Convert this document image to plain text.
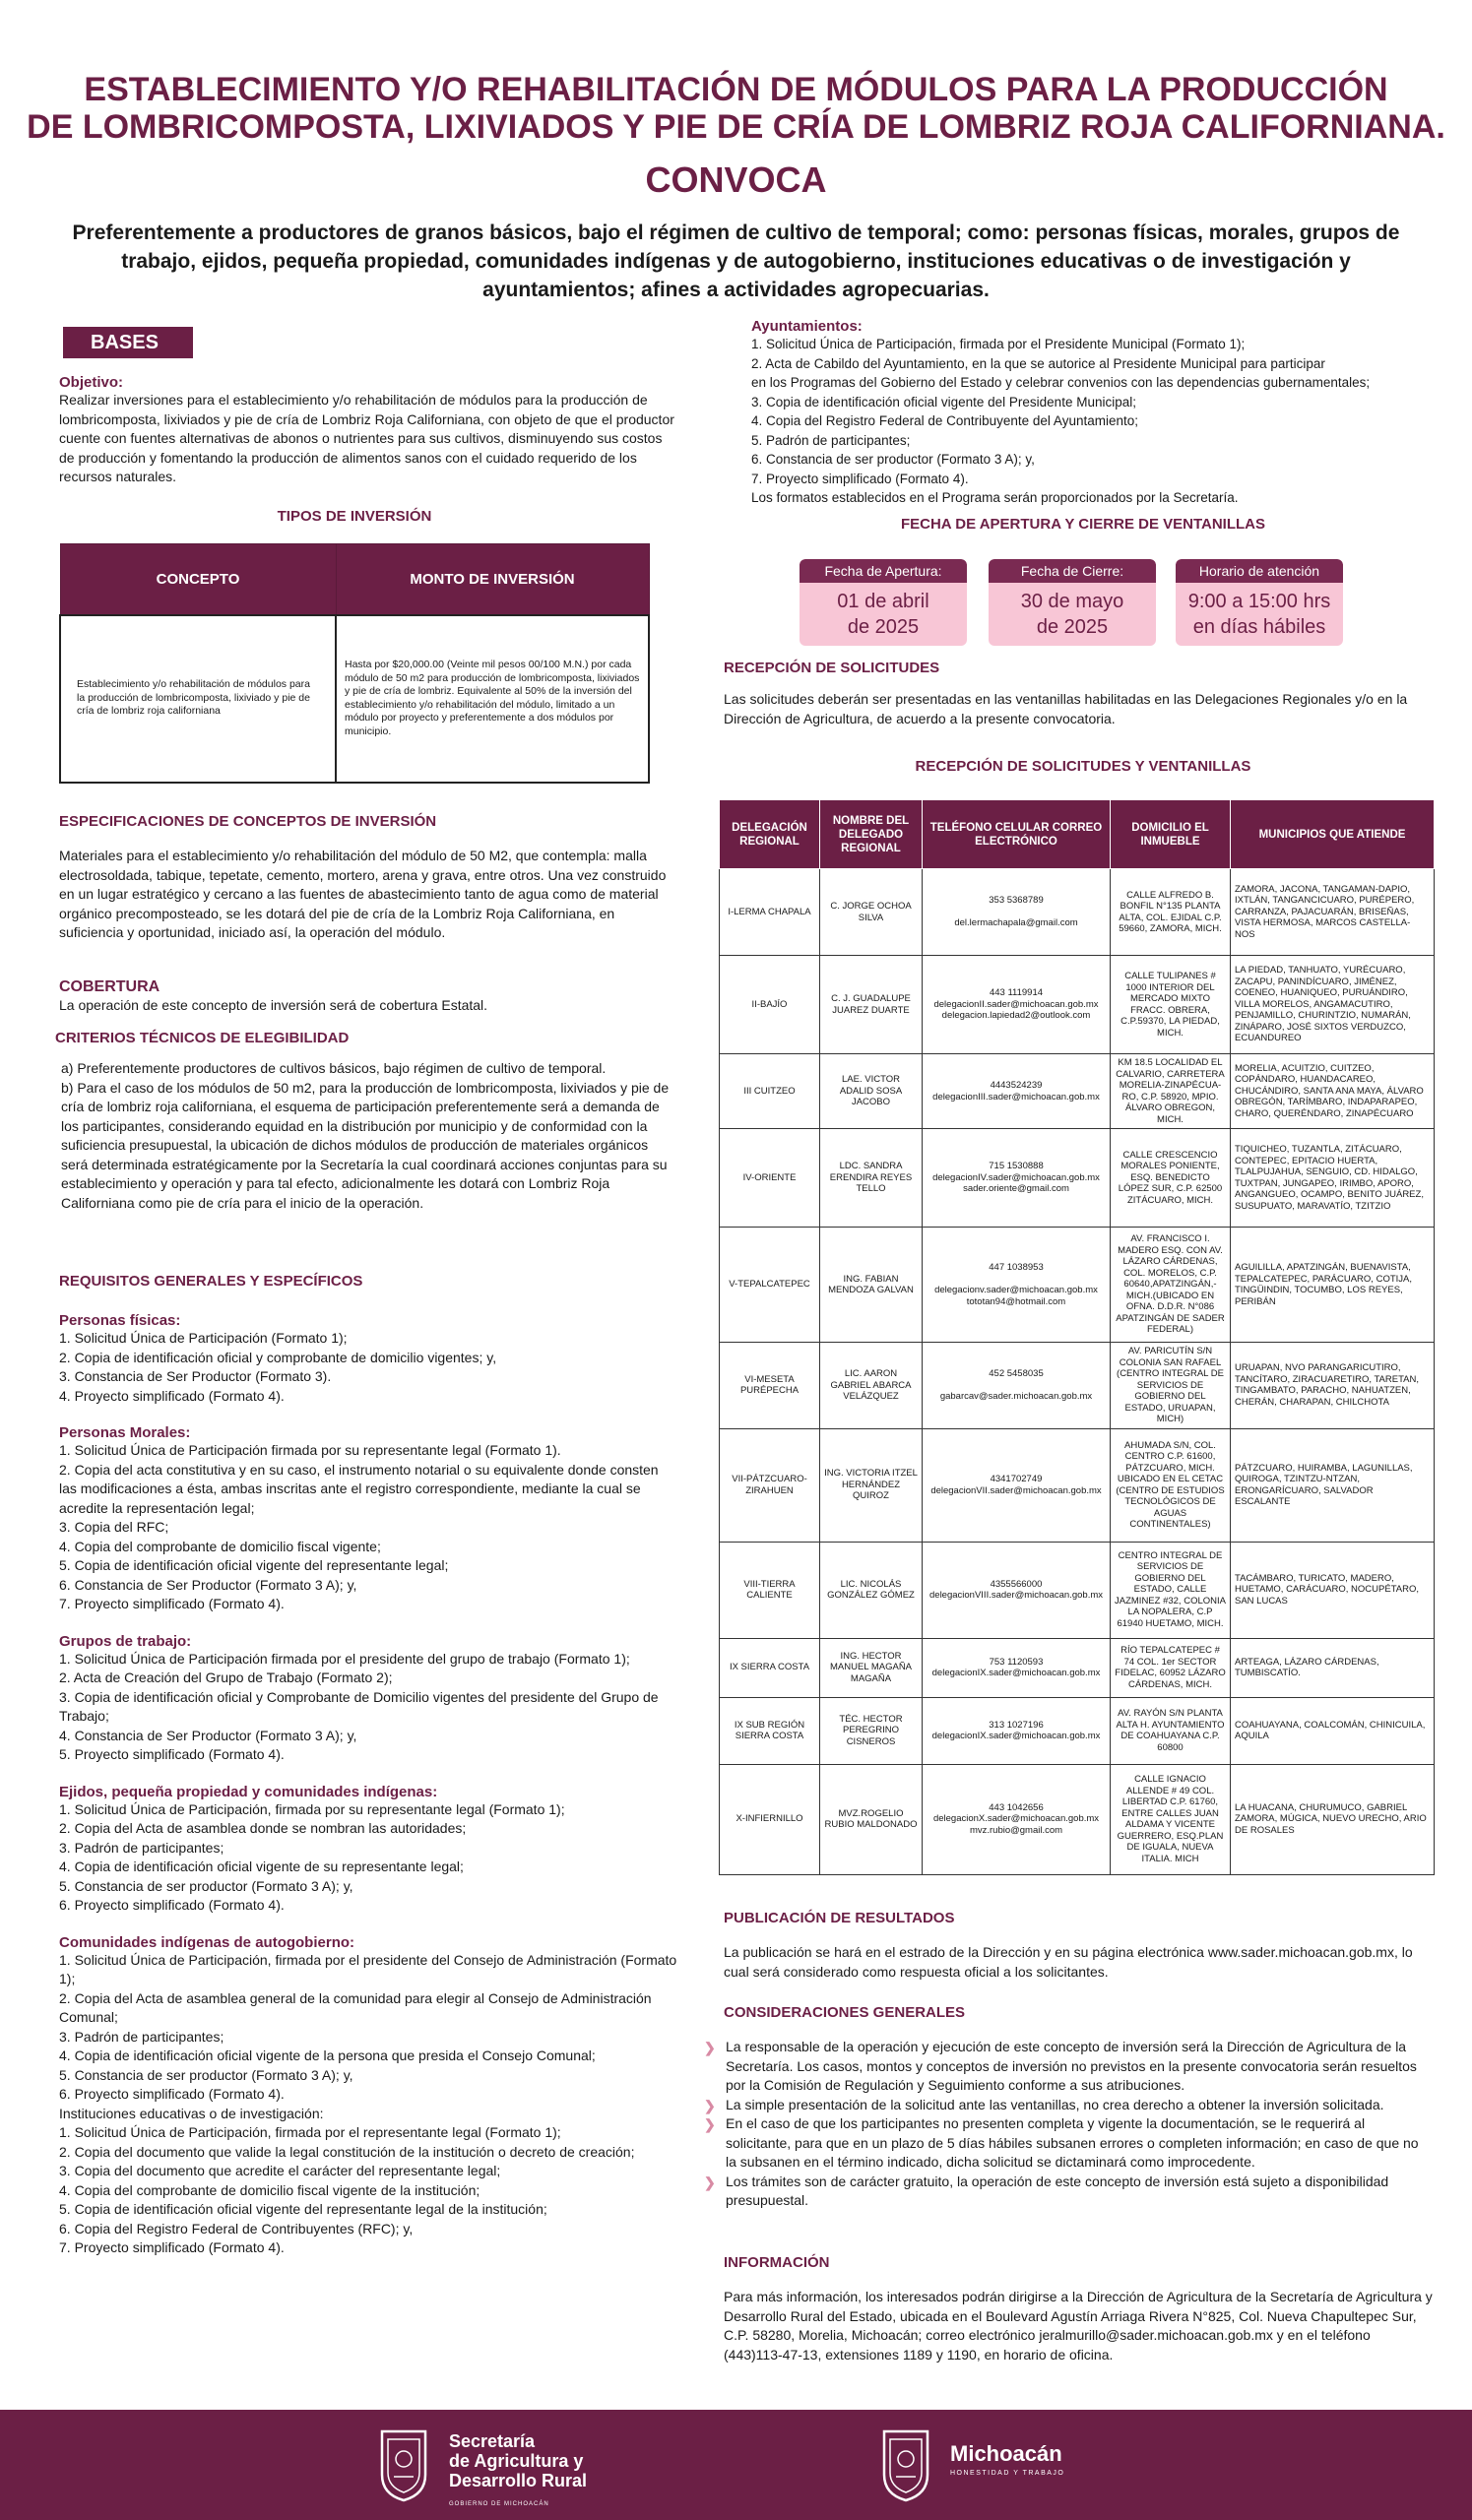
ESTABLECIMIENTO Y/O REHABILITACIÓN DE MÓDULOS PARA LA PRODUCCIÓN
DE LOMBRICOMPOSTA, LIXIVIADOS Y PIE DE CRÍA DE LOMBRIZ ROJA CALIFORNIANA.
CONVOCA
Preferentemente a productores de granos básicos, bajo el régimen de cultivo de temporal; como: personas físicas, morales, grupos de trabajo, ejidos, pequeña propiedad, comunidades indígenas y de autogobierno, instituciones educativas o de investigación y ayuntamientos; afines a actividades agropecuarias.
BASES
Objetivo:
Realizar inversiones para el establecimiento y/o rehabilitación de módulos para la producción de lombricomposta, lixiviados y pie de cría de Lombriz Roja Californiana, con objeto de que el productor cuente con fuentes alternativas de abonos o nutrientes para sus cultivos, disminuyendo sus costos de producción y fomentando la producción de alimentos sanos con el cuidado requerido de los recursos naturales.
TIPOS DE INVERSIÓN
CONCEPTO	MONTO DE INVERSIÓN
Establecimiento y/o rehabilitación de módulos para la producción de lombricomposta, lixiviado y pie de cría de lombriz roja californiana	Hasta por $20,000.00 (Veinte mil pesos 00/100 M.N.) por cada módulo de 50 m2 para producción de lombricomposta, lixiviados y pie de cría de lombriz. Equivalente al 50% de la inversión del establecimiento y/o rehabilitación del módulo, limitado a un módulo por proyecto y preferentemente a dos módulos por municipio.
ESPECIFICACIONES DE CONCEPTOS DE INVERSIÓN
Materiales para el establecimiento y/o rehabilitación del módulo de 50 M2, que contempla: malla electrosoldada, tabique, tepetate, cemento, mortero, arena y grava, entre otros. Una vez construido en un lugar estratégico y cercano a las fuentes de abastecimiento tanto de agua como de material orgánico precomposteado, se les dotará del pie de cría de la Lombriz Roja Californiana, en suficiencia y oportunidad, iniciado así, la operación del módulo.
COBERTURA
La operación de este concepto de inversión será de cobertura Estatal.
CRITERIOS TÉCNICOS DE ELEGIBILIDAD
a) Preferentemente productores de cultivos básicos, bajo régimen de cultivo de temporal.
b) Para el caso de los módulos de 50 m2, para la producción de lombricomposta, lixiviados y pie de cría de lombriz roja californiana, el esquema de participación preferentemente será a demanda de los participantes, considerando equidad en la distribución por municipio y de conformidad con la suficiencia presupuestal, la ubicación de dichos módulos de producción de materiales orgánicos será determinada estratégicamente por la Secretaría la cual coordinará acciones conjuntas para su establecimiento y operación y para tal efecto, adicionalmente les dotará con Lombriz Roja Californiana como pie de cría para el inicio de la operación.
REQUISITOS GENERALES Y ESPECÍFICOS
Personas físicas:
1. Solicitud Única de Participación (Formato 1);
2. Copia de identificación oficial y comprobante de domicilio vigentes; y,
3. Constancia de Ser Productor (Formato 3).
4. Proyecto simplificado (Formato 4).
Personas Morales:
1. Solicitud Única de Participación firmada por su representante legal (Formato 1).
2. Copia del acta constitutiva y en su caso, el instrumento notarial o su equivalente donde consten las modificaciones a ésta, ambas inscritas ante el registro correspondiente, mediante la cual se acredite la representación legal;
3. Copia del RFC;
4. Copia del comprobante de domicilio fiscal vigente;
5. Copia de identificación oficial vigente del representante legal;
6. Constancia de Ser Productor (Formato 3 A); y,
7. Proyecto simplificado (Formato 4).
Grupos de trabajo:
1. Solicitud Única de Participación firmada por el presidente del grupo de trabajo (Formato 1);
2. Acta de Creación del Grupo de Trabajo (Formato 2);
3. Copia de identificación oficial y Comprobante de Domicilio vigentes del presidente del Grupo de Trabajo;
4. Constancia de Ser Productor (Formato 3 A); y,
5. Proyecto simplificado (Formato 4).
Ejidos, pequeña propiedad y comunidades indígenas:
1. Solicitud Única de Participación, firmada por su representante legal (Formato 1);
2. Copia del Acta de asamblea donde se nombran las autoridades;
3. Padrón de participantes;
4. Copia de identificación oficial vigente de su representante legal;
5. Constancia de ser productor (Formato 3 A); y,
6. Proyecto simplificado (Formato 4).
Comunidades indígenas de autogobierno:
1. Solicitud Única de Participación, firmada por el presidente del Consejo de Administración (Formato 1);
2. Copia del Acta de asamblea general de la comunidad para elegir al Consejo de Administración Comunal;
3. Padrón de participantes;
4. Copia de identificación oficial vigente de la persona que presida el Consejo Comunal;
5. Constancia de ser productor (Formato 3 A); y,
6. Proyecto simplificado (Formato 4).
Instituciones educativas o de investigación:
1. Solicitud Única de Participación, firmada por el representante legal (Formato 1);
2. Copia del documento que valide la legal constitución de la institución o decreto de creación;
3. Copia del documento que acredite el carácter del representante legal;
4. Copia del comprobante de domicilio fiscal vigente de la institución;
5. Copia de identificación oficial vigente del representante legal de la institución;
6. Copia del Registro Federal de Contribuyentes (RFC); y,
7. Proyecto simplificado (Formato 4).
Ayuntamientos:
1. Solicitud Única de Participación, firmada por el Presidente Municipal (Formato 1);
2. Acta de Cabildo del Ayuntamiento, en la que se autorice al Presidente Municipal para participar
en los Programas del Gobierno del Estado y celebrar convenios con las dependencias gubernamentales;
3. Copia de identificación oficial vigente del Presidente Municipal;
4. Copia del Registro Federal de Contribuyente del Ayuntamiento;
5. Padrón de participantes;
6. Constancia de ser productor (Formato 3 A); y,
7. Proyecto simplificado (Formato 4).
Los formatos establecidos en el Programa serán proporcionados por la Secretaría.
FECHA DE APERTURA Y CIERRE DE VENTANILLAS
Fecha de Apertura:
01 de abril
de 2025
Fecha de Cierre:
30 de mayo
de 2025
Horario de atención
9:00 a 15:00 hrs
en días hábiles
RECEPCIÓN DE SOLICITUDES
Las solicitudes deberán ser presentadas en las ventanillas habilitadas en las Delegaciones Regionales y/o en la Dirección de Agricultura, de acuerdo a la presente convocatoria.
RECEPCIÓN DE SOLICITUDES Y VENTANILLAS
DELEGACIÓN REGIONAL	NOMBRE DEL DELEGADO REGIONAL	TELÉFONO CELULAR CORREO ELECTRÓNICO	DOMICILIO EL INMUEBLE	MUNICIPIOS QUE ATIENDE
I-LERMA CHAPALA	C. JORGE OCHOA SILVA	353 5368789

del.lermachapala@gmail.com	CALLE ALFREDO B. BONFIL N°135 PLANTA ALTA, COL. EJIDAL C.P. 59660, ZAMORA, MICH.	ZAMORA, JACONA, TANGAMAN-DAPIO, IXTLÁN, TANGANCICUARO, PURÉPERO, CARRANZA, PAJACUARÁN, BRISEÑAS, VISTA HERMOSA, MARCOS CASTELLA-NOS
II-BAJÍO	C. J. GUADALUPE JUAREZ DUARTE	443 1119914
delegacionII.sader@michoacan.gob.mx
delegacion.lapiedad2@outlook.com	CALLE TULIPANES # 1000 INTERIOR DEL MERCADO MIXTO FRACC. OBRERA, C.P.59370, LA PIEDAD, MICH.	LA PIEDAD, TANHUATO, YURÉCUARO, ZACAPU, PANINDÍCUARO, JIMÉNEZ, COENEO, HUANIQUEO, PURUÁNDIRO, VILLA MORELOS, ANGAMACUTIRO, PENJAMILLO, CHURINTZIO, NUMARÁN, ZINÁPARO, JOSÉ SIXTOS VERDUZCO, ECUANDUREO
III CUITZEO	LAE. VICTOR ADALID SOSA JACOBO	4443524239
delegacionIII.sader@michoacan.gob.mx	KM 18.5 LOCALIDAD EL CALVARIO, CARRETERA MORELIA-ZINAPÉCUA-RO, C.P. 58920, MPIO. ÁLVARO OBREGON, MICH.	MORELIA, ACUITZIO, CUITZEO, COPÁNDARO, HUANDACAREO, CHUCÁNDIRO, SANTA ANA MAYA, ÁLVARO OBREGÓN, TARÍMBARO, INDAPARAPEO, CHARO, QUERÉNDARO, ZINAPÉCUARO
IV-ORIENTE	LDC. SANDRA ERENDIRA REYES TELLO	715 1530888
delegacionIV.sader@michoacan.gob.mx
sader.oriente@gmail.com	CALLE CRESCENCIO MORALES PONIENTE, ESQ. BENEDICTO LÓPEZ SUR, C.P. 62500 ZITÁCUARO, MICH.	TIQUICHEO, TUZANTLA, ZITÁCUARO, CONTEPEC, EPITACIO HUERTA, TLALPUJAHUA, SENGUIO, CD. HIDALGO, TUXTPAN, JUNGAPEO, IRIMBO, APORO, ANGANGUEO, OCAMPO, BENITO JUÁREZ, SUSUPUATO, MARAVATÍO, TZITZIO
V-TEPALCATEPEC	ING. FABIAN MENDOZA GALVAN	447 1038953

delegacionv.sader@michoacan.gob.mx
tototan94@hotmail.com	AV. FRANCISCO I. MADERO ESQ. CON AV. LÁZARO CÁRDENAS, COL. MORELOS, C.P. 60640,APATZINGÁN,-MICH.(UBICADO EN OFNA. D.D.R. N°086 APATZINGÁN DE SADER FEDERAL)	AGUILILLA, APATZINGÁN, BUENAVISTA, TEPALCATEPEC, PARÁCUARO, COTIJA, TINGÜINDIN, TOCUMBO, LOS REYES, PERIBÁN
VI-MESETA PURÉPECHA	LIC. AARON GABRIEL ABARCA VELÁZQUEZ	452 5458035

gabarcav@sader.michoacan.gob.mx	AV. PARICUTÍN S/N COLONIA SAN RAFAEL (CENTRO INTEGRAL DE SERVICIOS DE GOBIERNO DEL ESTADO, URUAPAN, MICH)	URUAPAN, NVO PARANGARICUTIRO, TANCÍTARO, ZIRACUARETIRO, TARETAN, TINGAMBATO, PARACHO, NAHUATZEN, CHERÁN, CHARAPAN, CHILCHOTA
VII-PÁTZCUARO-ZIRAHUEN	ING. VICTORIA ITZEL HERNÁNDEZ QUIROZ	4341702749
delegacionVII.sader@michoacan.gob.mx	AHUMADA S/N, COL. CENTRO C.P. 61600, PÁTZCUARO, MICH. UBICADO EN EL CETAC (CENTRO DE ESTUDIOS TECNOLÓGICOS DE AGUAS CONTINENTALES)	PÁTZCUARO, HUIRAMBA, LAGUNILLAS, QUIROGA, TZINTZU-NTZAN, ERONGARÍCUARO, SALVADOR ESCALANTE
VIII-TIERRA CALIENTE	LIC. NICOLÁS GONZÁLEZ GÓMEZ	4355566000
delegacionVIII.sader@michoacan.gob.mx	CENTRO INTEGRAL DE SERVICIOS DE GOBIERNO DEL ESTADO, CALLE JAZMINEZ #32, COLONIA LA NOPALERA, C.P 61940 HUETAMO, MICH.	TACÁMBARO, TURICATO, MADERO, HUETAMO, CARÁCUARO, NOCUPÉTARO, SAN LUCAS
IX SIERRA COSTA	ING. HECTOR MANUEL MAGAÑA MAGAÑA	753 1120593
delegacionIX.sader@michoacan.gob.mx	RÍO TEPALCATEPEC # 74 COL. 1er SECTOR FIDELAC, 60952 LÁZARO CÁRDENAS, MICH.	ARTEAGA, LÁZARO CÁRDENAS, TUMBISCATÍO.
IX SUB REGIÓN SIERRA COSTA	TÉC. HECTOR PEREGRINO CISNEROS	313 1027196
delegacionIX.sader@michoacan.gob.mx	AV. RAYÓN S/N PLANTA ALTA H. AYUNTAMIENTO DE COAHUAYANA C.P. 60800	COAHUAYANA, COALCOMÁN, CHINICUILA, AQUILA
X-INFIERNILLO	MVZ.ROGELIO RUBIO MALDONADO	443 1042656
delegacionX.sader@michoacan.gob.mx
mvz.rubio@gmail.com	CALLE IGNACIO ALLENDE # 49 COL. LIBERTAD C.P. 61760, ENTRE CALLES JUAN ALDAMA Y VICENTE GUERRERO, ESQ.PLAN DE IGUALA, NUEVA ITALIA. MICH	LA HUACANA, CHURUMUCO, GABRIEL ZAMORA, MÚGICA, NUEVO URECHO, ARIO DE ROSALES
PUBLICACIÓN DE RESULTADOS
La publicación se hará en el estrado de la Dirección y en su página electrónica www.sader.michoacan.gob.mx, lo cual será considerado como respuesta oficial a los solicitantes.
CONSIDERACIONES GENERALES
❯ La responsable de la operación y ejecución de este concepto de inversión será la Dirección de Agricultura de la Secretaría. Los casos, montos y conceptos de inversión no previstos en la presente convocatoria serán resueltos por la Comisión de Regulación y Seguimiento conforme a sus atribuciones.
❯ La simple presentación de la solicitud ante las ventanillas, no crea derecho a obtener la inversión solicitada.
❯ En el caso de que los participantes no presenten completa y vigente la documentación, se le requerirá al solicitante, para que en un plazo de 5 días hábiles subsanen errores o completen información; en caso de que no la subsanen en el término indicado, dicha solicitud se dictaminará como improcedente.
❯ Los trámites son de carácter gratuito, la operación de este concepto de inversión está sujeto a disponibilidad presupuestal.
INFORMACIÓN
Para más información, los interesados podrán dirigirse a la Dirección de Agricultura de la Secretaría de Agricultura y Desarrollo Rural del Estado, ubicada en el Boulevard Agustín Arriaga Rivera N°825, Col. Nueva Chapultepec Sur, C.P. 58280, Morelia, Michoacán; correo electrónico jeralmurillo@sader.michoacan.gob.mx y en el teléfono (443)113-47-13, extensiones 1189 y 1190, en horario de oficina.
Secretaría
de Agricultura y
Desarrollo Rural
GOBIERNO DE MICHOACÁN
Michoacán
HONESTIDAD Y TRABAJO
